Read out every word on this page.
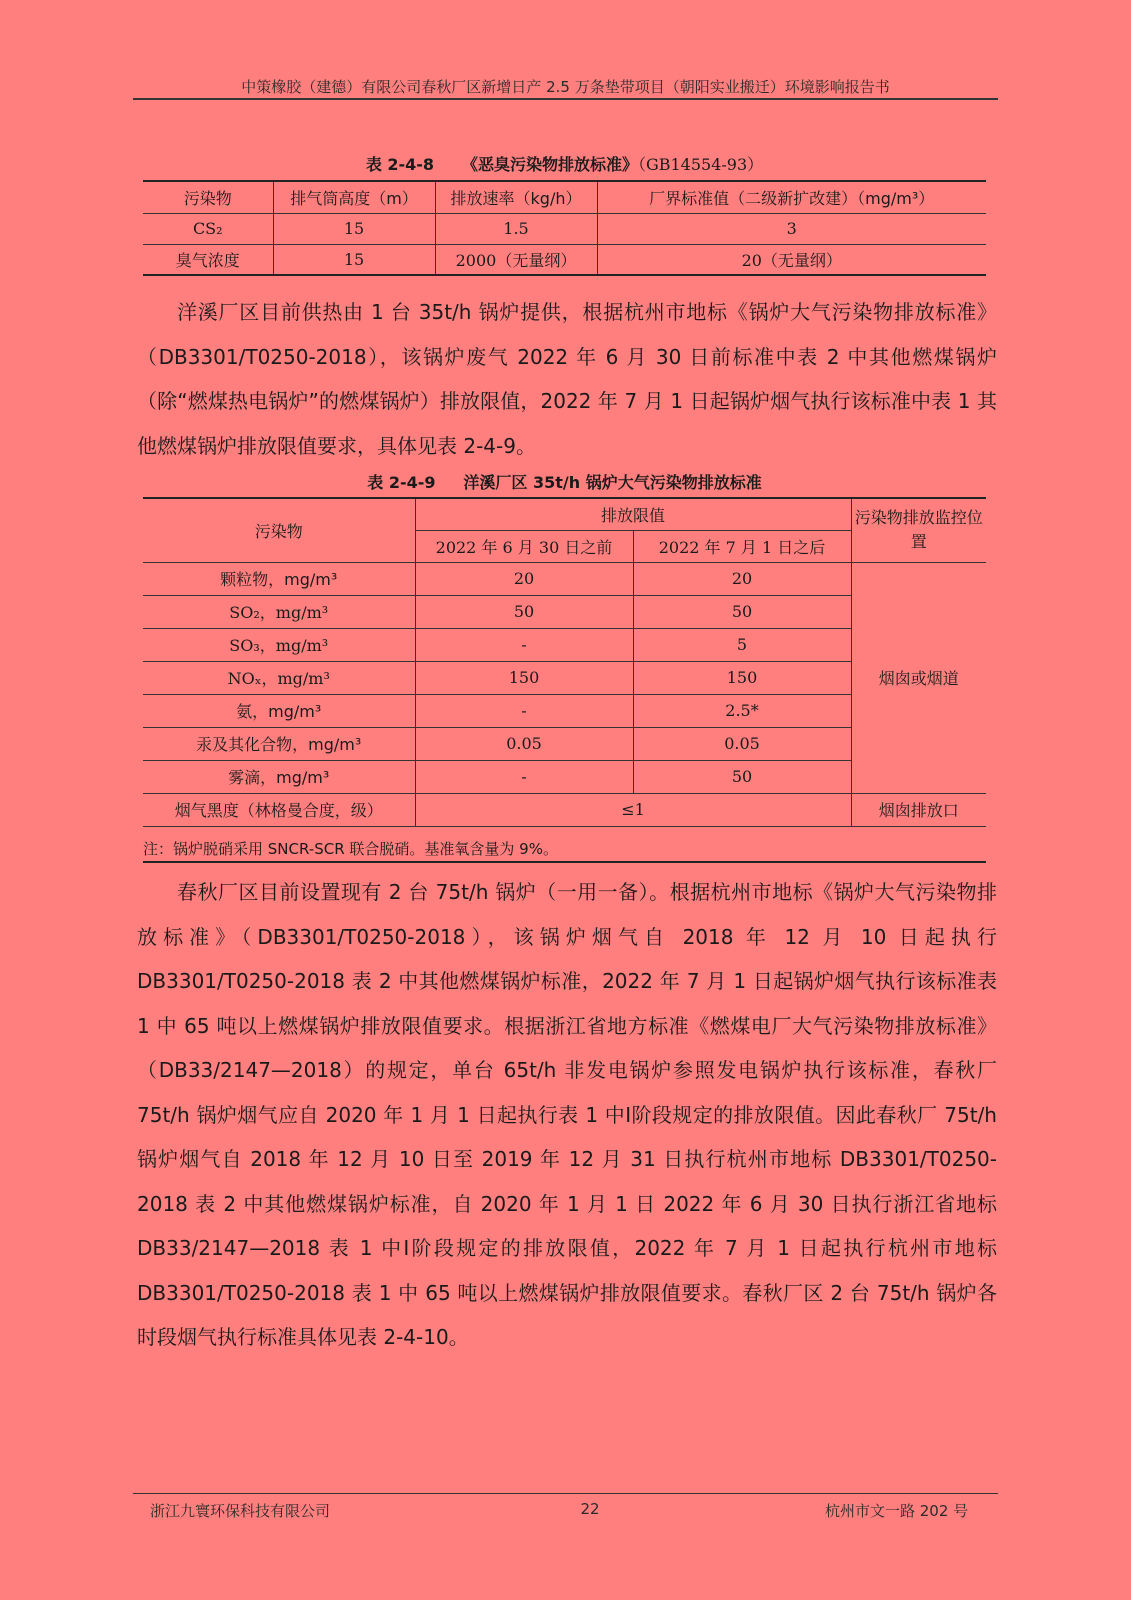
中策橡胶（建德）有限公司春秋厂区新增日产 2.5 万条垫带项目（朝阳实业搬迁）环境影响报告书
表 2-4-8 《恶臭污染物排放标准》（GB14554-93）
污染物	排气筒高度（m）	排放速率（kg/h）	厂界标准值（二级新扩改建）（mg/m³）
CS₂	15	1.5	3
臭气浓度	15	2000（无量纲）	20（无量纲）

洋溪厂区目前供热由 1 台 35t/h 锅炉提供，根据杭州市地标《锅炉大气污染物排放标准》（DB3301/T0250-2018），该锅炉废气 2022 年 6 月 30 日前标准中表 2 中其他燃煤锅炉（除“燃煤热电锅炉”的燃煤锅炉）排放限值，2022 年 7 月 1 日起锅炉烟气执行该标准中表 1 其他燃煤锅炉排放限值要求，具体见表 2-4-9。

表 2-4-9 洋溪厂区 35t/h 锅炉大气污染物排放标准
污染物	排放限值		污染物排放监控位置
	2022 年 6 月 30 日之前	2022 年 7 月 1 日之后	
颗粒物，mg/m³	20	20	烟囱或烟道
SO₂，mg/m³	50	50	
SO₃，mg/m³	-	5	
NOₓ，mg/m³	150	150	
氨，mg/m³	-	2.5*	
汞及其化合物，mg/m³	0.05	0.05	
雾滴，mg/m³	-	50	
烟气黑度（林格曼合度，级）	≤1		烟囱排放口
注：锅炉脱硝采用 SNCR-SCR 联合脱硝。基准氧含量为 9%。

春秋厂区目前设置现有 2 台 75t/h 锅炉（一用一备）。根据杭州市地标《锅炉大气污染物排放标准》（DB3301/T0250-2018），该锅炉烟气自 2018 年 12 月 10 日起执行 DB3301/T0250-2018 表 2 中其他燃煤锅炉标准，2022 年 7 月 1 日起锅炉烟气执行该标准表 1 中 65 吨以上燃煤锅炉排放限值要求。根据浙江省地方标准《燃煤电厂大气污染物排放标准》（DB33/2147—2018）的规定，单台 65t/h 非发电锅炉参照发电锅炉执行该标准，春秋厂 75t/h 锅炉烟气应自 2020 年 1 月 1 日起执行表 1 中I阶段规定的排放限值。因此春秋厂 75t/h 锅炉烟气自 2018 年 12 月 10 日至 2019 年 12 月 31 日执行杭州市地标 DB3301/T0250-2018 表 2 中其他燃煤锅炉标准，自 2020 年 1 月 1 日 2022 年 6 月 30 日执行浙江省地标 DB33/2147—2018 表 1 中I阶段规定的排放限值，2022 年 7 月 1 日起执行杭州市地标 DB3301/T0250-2018 表 1 中 65 吨以上燃煤锅炉排放限值要求。春秋厂区 2 台 75t/h 锅炉各时段烟气执行标准具体见表 2-4-10。

浙江九寰环保科技有限公司	22	杭州市文一路 202 号
